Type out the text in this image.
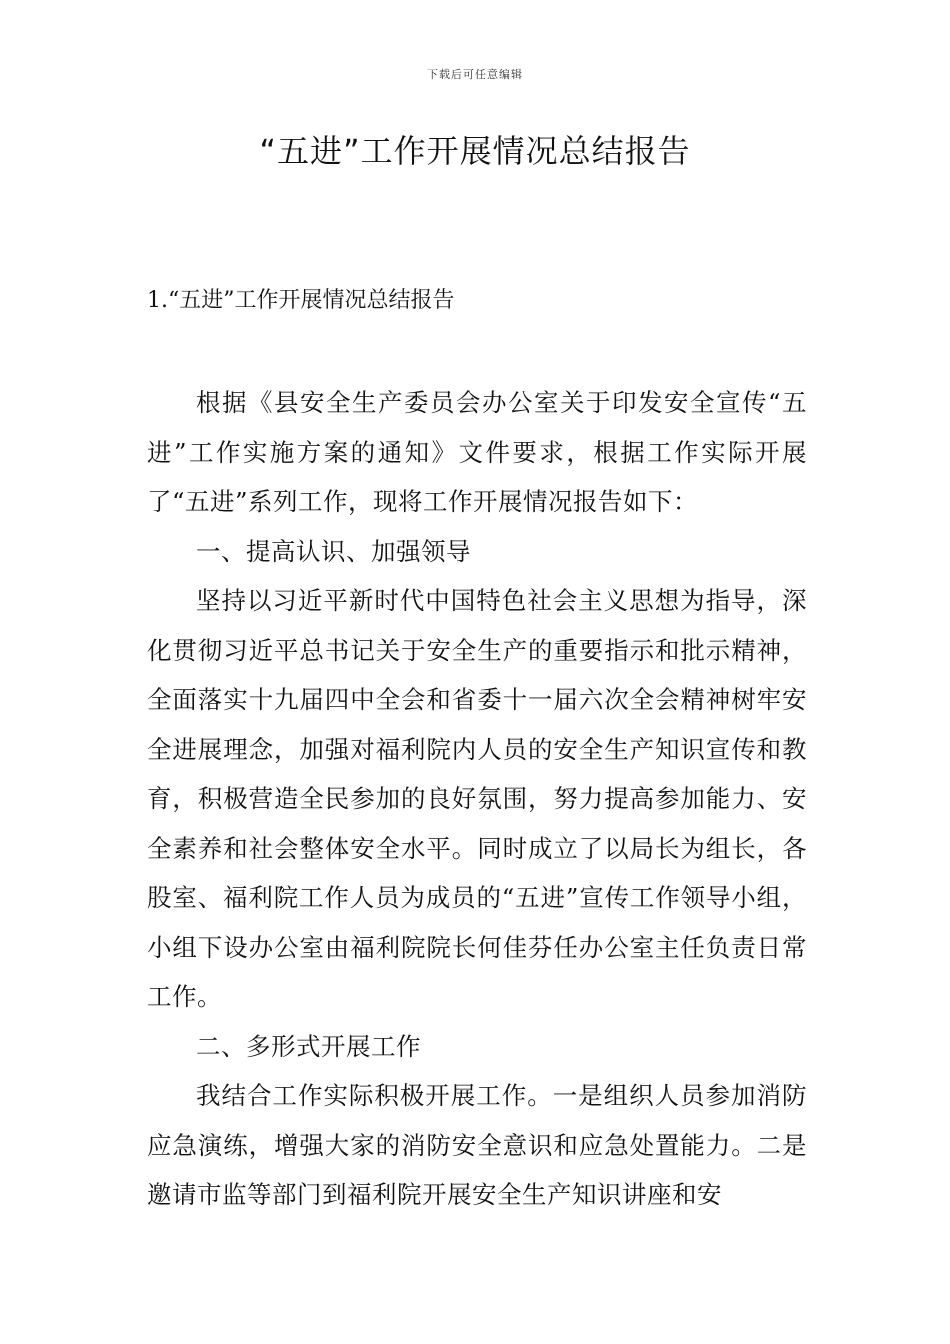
下载后可任意编辑
“五进”工作开展情况总结报告
1.“五进”工作开展情况总结报告

根据《县安全生产委员会办公室关于印发安全宣传“五进”工作实施方案的通知》文件要求，根据工作实际开展了“五进”系列工作，现将工作开展情况报告如下：

一、提高认识、加强领导

坚持以习近平新时代中国特色社会主义思想为指导，深化贯彻习近平总书记关于安全生产的重要指示和批示精神，全面落实十九届四中全会和省委十一届六次全会精神树牢安全进展理念，加强对福利院内人员的安全生产知识宣传和教育，积极营造全民参加的良好氛围，努力提高参加能力、安全素养和社会整体安全水平。同时成立了以局长为组长，各股室、福利院工作人员为成员的“五进”宣传工作领导小组，小组下设办公室由福利院院长何佳芬任办公室主任负责日常工作。

二、多形式开展工作

我结合工作实际积极开展工作。一是组织人员参加消防应急演练，增强大家的消防安全意识和应急处置能力。二是邀请市监等部门到福利院开展安全生产知识讲座和安
